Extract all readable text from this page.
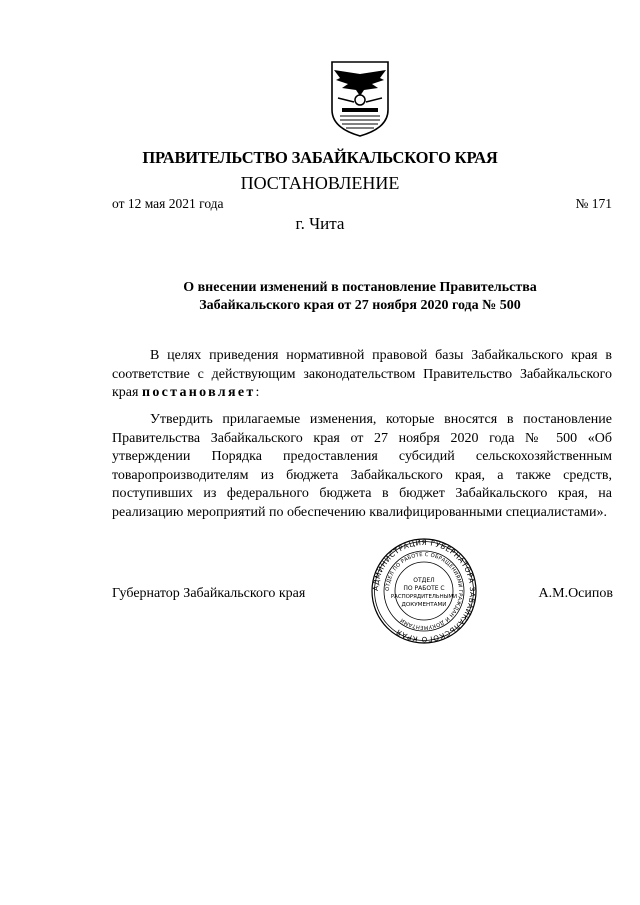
ПРАВИТЕЛЬСТВО ЗАБАЙКАЛЬСКОГО КРАЯ
ПОСТАНОВЛЕНИЕ
от 12 мая 2021 года	№ 171
г. Чита
О внесении изменений в постановление Правительства
Забайкальского края от 27 ноября 2020 года № 500
В целях приведения нормативной правовой базы Забайкальского края в соответствие с действующим законодательством Правительство Забайкальского края постановляет:
Утвердить прилагаемые изменения, которые вносятся в постановление Правительства Забайкальского края от 27 ноября 2020 года № 500 «Об утверждении Порядка предоставления субсидий сельскохозяйственным товаропроизводителям из бюджета Забайкальского края, а также средств, поступивших из федерального бюджета в бюджет Забайкальского края, на реализацию мероприятий по обеспечению квалифицированными специалистами».
Губернатор Забайкальского края	А.М.Осипов
АДМИНИСТРАЦИЯ ГУБЕРНАТОРА ЗАБАЙКАЛЬСКОГО КРАЯ
ОТДЕЛ ПО РАБОТЕ С ОБРАЩЕНИЯМИ ГРАЖДАН И ДОКУМЕНТАМИ
ОТДЕЛ
ПО РАБОТЕ С
РАСПОРЯДИТЕЛЬНЫМИ
ДОКУМЕНТАМИ
